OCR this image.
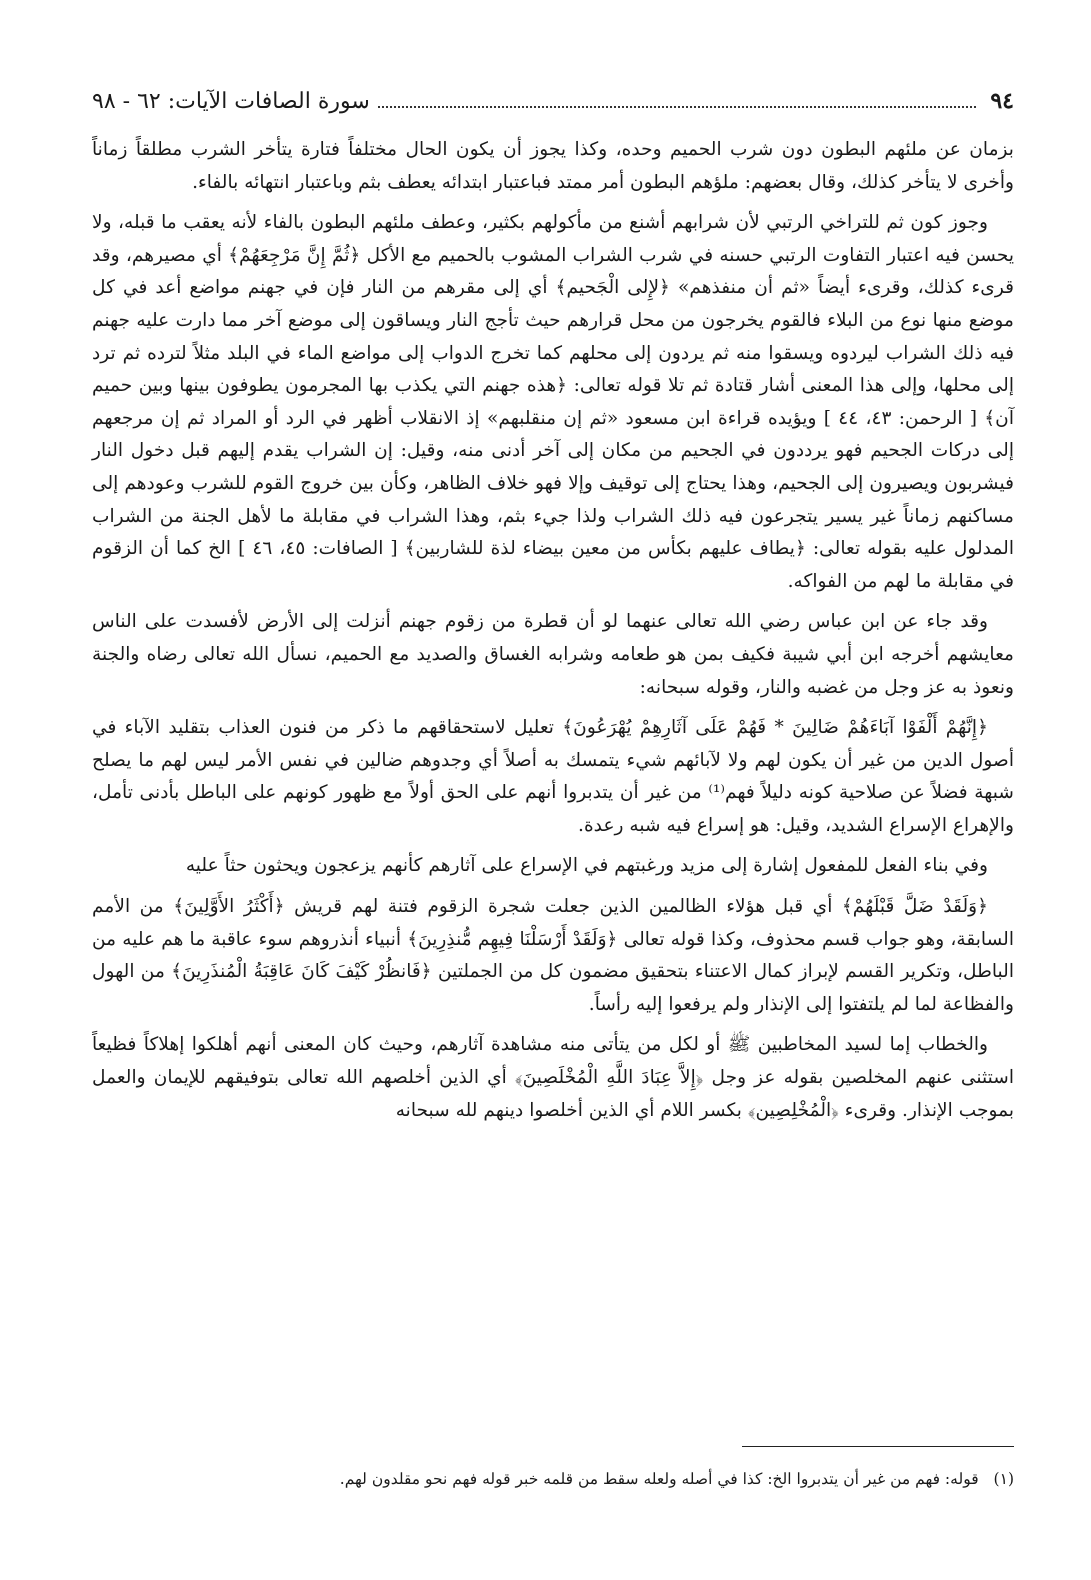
٩٤
سورة الصافات الآيات: ٦٢ - ٩٨

بزمان عن ملئهم البطون دون شرب الحميم وحده، وكذا يجوز أن يكون الحال مختلفاً فتارة يتأخر الشرب مطلقاً زماناً وأخرى لا يتأخر كذلك، وقال بعضهم: ملؤهم البطون أمر ممتد فباعتبار ابتدائه يعطف بثم وباعتبار انتهائه بالفاء.

وجوز كون ثم للتراخي الرتبي لأن شرابهم أشنع من مأكولهم بكثير، وعطف ملئهم البطون بالفاء لأنه يعقب ما قبله، ولا يحسن فيه اعتبار التفاوت الرتبي حسنه في شرب الشراب المشوب بالحميم مع الأكل ﴿ثُمَّ إِنَّ مَرْجِعَهُمْ﴾ أي مصيرهم، وقد قرىء كذلك، وقرىء أيضاً «ثم أن منفذهم» ﴿لإِلى الْجَحيم﴾ أي إلى مقرهم من النار فإن في جهنم مواضع أعد في كل موضع منها نوع من البلاء فالقوم يخرجون من محل قرارهم حيث تأجج النار ويساقون إلى موضع آخر مما دارت عليه جهنم فيه ذلك الشراب ليردوه ويسقوا منه ثم يردون إلى محلهم كما تخرج الدواب إلى مواضع الماء في البلد مثلاً لترده ثم ترد إلى محلها، وإلى هذا المعنى أشار قتادة ثم تلا قوله تعالى: ﴿هذه جهنم التي يكذب بها المجرمون يطوفون بينها وبين حميم آن﴾ [ الرحمن: ٤٣، ٤٤ ] ويؤيده قراءة ابن مسعود «ثم إن منقلبهم» إذ الانقلاب أظهر في الرد أو المراد ثم إن مرجعهم إلى دركات الجحيم فهو يرددون في الجحيم من مكان إلى آخر أدنى منه، وقيل: إن الشراب يقدم إليهم قبل دخول النار فيشربون ويصيرون إلى الجحيم، وهذا يحتاج إلى توقيف وإلا فهو خلاف الظاهر، وكأن بين خروج القوم للشرب وعودهم إلى مساكنهم زماناً غير يسير يتجرعون فيه ذلك الشراب ولذا جيء بثم، وهذا الشراب في مقابلة ما لأهل الجنة من الشراب المدلول عليه بقوله تعالى: ﴿يطاف عليهم بكأس من معين بيضاء لذة للشاربين﴾ [ الصافات: ٤٥، ٤٦ ] الخ كما أن الزقوم في مقابلة ما لهم من الفواكه.

وقد جاء عن ابن عباس رضي الله تعالى عنهما لو أن قطرة من زقوم جهنم أنزلت إلى الأرض لأفسدت على الناس معايشهم أخرجه ابن أبي شيبة فكيف بمن هو طعامه وشرابه الغساق والصديد مع الحميم، نسأل الله تعالى رضاه والجنة ونعوذ به عز وجل من غضبه والنار، وقوله سبحانه:

﴿إِنَّهُمْ أَلْفَوْا آبَاءَهُمْ ضَالِينَ * فَهُمْ عَلَى آثَارِهِمْ يُهْرَعُونَ﴾ تعليل لاستحقاقهم ما ذكر من فنون العذاب بتقليد الآباء في أصول الدين من غير أن يكون لهم ولا لآبائهم شيء يتمسك به أصلاً أي وجدوهم ضالين في نفس الأمر ليس لهم ما يصلح شبهة فضلاً عن صلاحية كونه دليلاً فهم⁽¹⁾ من غير أن يتدبروا أنهم على الحق أولاً مع ظهور كونهم على الباطل بأدنى تأمل، والإهراع الإسراع الشديد، وقيل: هو إسراع فيه شبه رعدة.

وفي بناء الفعل للمفعول إشارة إلى مزيد ورغبتهم في الإسراع على آثارهم كأنهم يزعجون ويحثون حثاً عليه

﴿وَلَقَدْ ضَلَّ قَبْلَهُمْ﴾ أي قبل هؤلاء الظالمين الذين جعلت شجرة الزقوم فتنة لهم قريش ﴿أَكْثَرُ الأَوَّلِينَ﴾ من الأمم السابقة، وهو جواب قسم محذوف، وكذا قوله تعالى ﴿وَلَقَدْ أَرْسَلْنَا فِيهِم مُّنذِرِينَ﴾ أنبياء أنذروهم سوء عاقبة ما هم عليه من الباطل، وتكرير القسم لإبراز كمال الاعتناء بتحقيق مضمون كل من الجملتين ﴿فَانظُرْ كَيْفَ كَانَ عَاقِبَةُ الْمُنذَرِينَ﴾ من الهول والفظاعة لما لم يلتفتوا إلى الإنذار ولم يرفعوا إليه رأساً.

والخطاب إما لسيد المخاطبين ﷺ أو لكل من يتأتى منه مشاهدة آثارهم، وحيث كان المعنى أنهم أهلكوا إهلاكاً فظيعاً استثنى عنهم المخلصين بقوله عز وجل ﴿إِلاَّ عِبَادَ اللَّهِ الْمُخْلَصِينَ﴾ أي الذين أخلصهم الله تعالى بتوفيقهم للإيمان والعمل بموجب الإنذار. وقرىء ﴿الْمُخْلِصِين﴾ بكسر اللام أي الذين أخلصوا دينهم لله سبحانه

(١) قوله: فهم من غير أن يتدبروا الخ: كذا في أصله ولعله سقط من قلمه خبر قوله فهم نحو مقلدون لهم.
